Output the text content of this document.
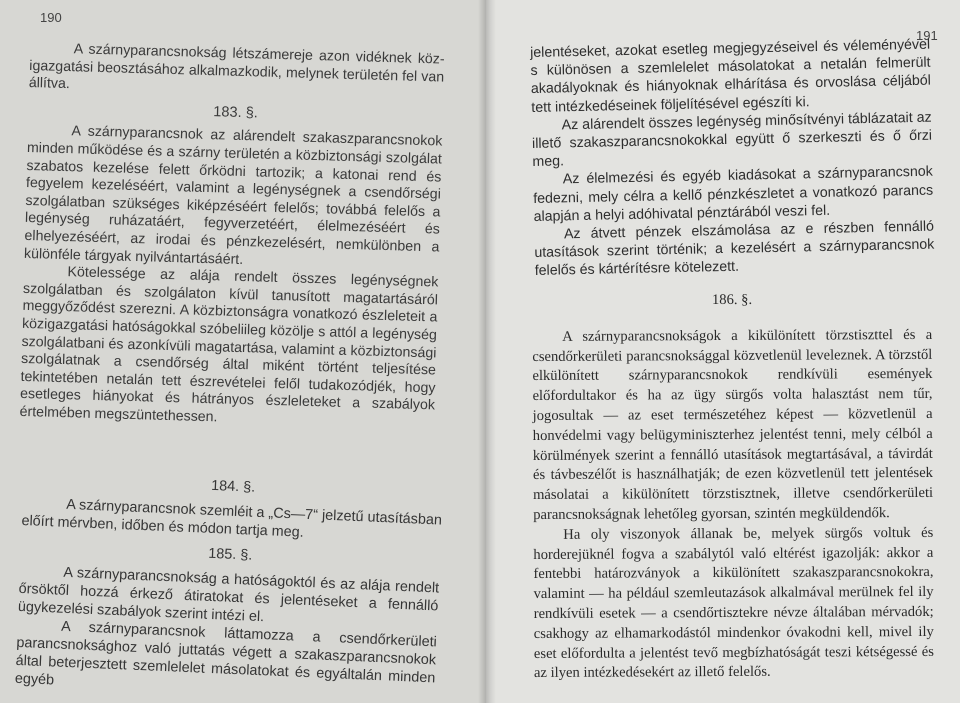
190

A szárnyparancsnokság létszámereje azon vidéknek köz-igazgatási beosztásához alkalmazkodik, melynek területén fel van állítva.

183. §.

A szárnyparancsnok az alárendelt szakaszparancsnokok minden működése és a szárny területén a közbiztonsági szolgálat szabatos kezelése felett őrködni tartozik; a katonai rend és fegyelem kezeléséért, valamint a legénységnek a csendőrségi szolgálatban szükséges kiképzéséért felelős; továbbá felelős a legénység ruházatáért, fegyverzetéért, élelmezéséért és elhelyezéséért, az irodai és pénzkezelésért, nemkülönben a különféle tárgyak nyilvántartásáért.

Kötelessége az alája rendelt összes legénységnek szolgálatban és szolgálaton kívül tanusított magatartásáról meggyőződést szerezni. A közbiztonságra vonatkozó észleleteit a közigazgatási hatóságokkal szóbeliileg közölje s attól a legénység szolgálatbani és azonkívüli magatartása, valamint a közbiztonsági szolgálatnak a csendőrség által miként történt teljesítése tekintetében netalán tett észrevételei felől tudakozódjék, hogy esetleges hiányokat és hátrányos észleleteket a szabályok értelmében megszüntethessen.

184. §.

A szárnyparancsnok szemléit a „Cs—7“ jelzetű utasításban előírt mérvben, időben és módon tartja meg.

185. §.

A szárnyparancsnokság a hatóságoktól és az alája rendelt őrsöktől hozzá érkező átiratokat és jelentéseket a fennálló ügykezelési szabályok szerint intézi el.

A szárnyparancsnok láttamozza a csendőrkerületi parancsnoksághoz való juttatás végett a szakaszparancsnokok által beterjesztett szemlelelet másolatokat és egyáltalán minden egyéb

191

jelentéseket, azokat esetleg megjegyzéseivel és véleményével s különösen a szemlelelet másolatokat a netalán felmerült akadályoknak és hiányoknak elhárítása és orvoslása céljából tett intézkedéseinek följelítésével egészíti ki.

Az alárendelt összes legénység minősítvényi táblázatait az illető szakaszparancsnokokkal együtt ő szerkeszti és ő őrzi meg.

Az élelmezési és egyéb kiadásokat a szárnyparancsnok fedezni, mely célra a kellő pénzkészletet a vonatkozó parancs alapján a helyi adóhivatal pénztárából veszi fel.

Az átvett pénzek elszámolása az e részben fennálló utasítások szerint történik; a kezelésért a szárnyparancsnok felelős és kártérítésre kötelezett.

186. §.

A szárnyparancsnokságok a kikülönített törzstiszttel és a csendőrkerületi parancsnoksággal közvetlenül leveleznek. A törzstől elkülönített szárnyparancsnokok rendkívüli események előfordultakor és ha az ügy sürgős volta halasztást nem tűr, jogosultak — az eset természetéhez képest — közvetlenül a honvédelmi vagy belügyminiszterhez jelentést tenni, mely célból a körülmények szerint a fennálló utasítások megtartásával, a távirdát és távbeszélőt is használhatják; de ezen közvetlenül tett jelentések másolatai a kikülönített törzstisztnek, illetve csendőrkerületi parancsnokságnak lehetőleg gyorsan, szintén megküldendők.

Ha oly viszonyok állanak be, melyek sürgős voltuk és horderejüknél fogva a szabálytól való eltérést igazolják: akkor a fentebbi határozványok a kikülönített szakaszparancsnokokra, valamint — ha például szemleutazások alkalmával merülnek fel ily rendkívüli esetek — a csendőrtisztekre névze általában mérvadók; csakhogy az elhamarkodástól mindenkor óvakodni kell, mivel ily eset előfordulta a jelentést tevő megbízhatóságát teszi kétségessé és az ilyen intézkedésekért az illető felelős.
